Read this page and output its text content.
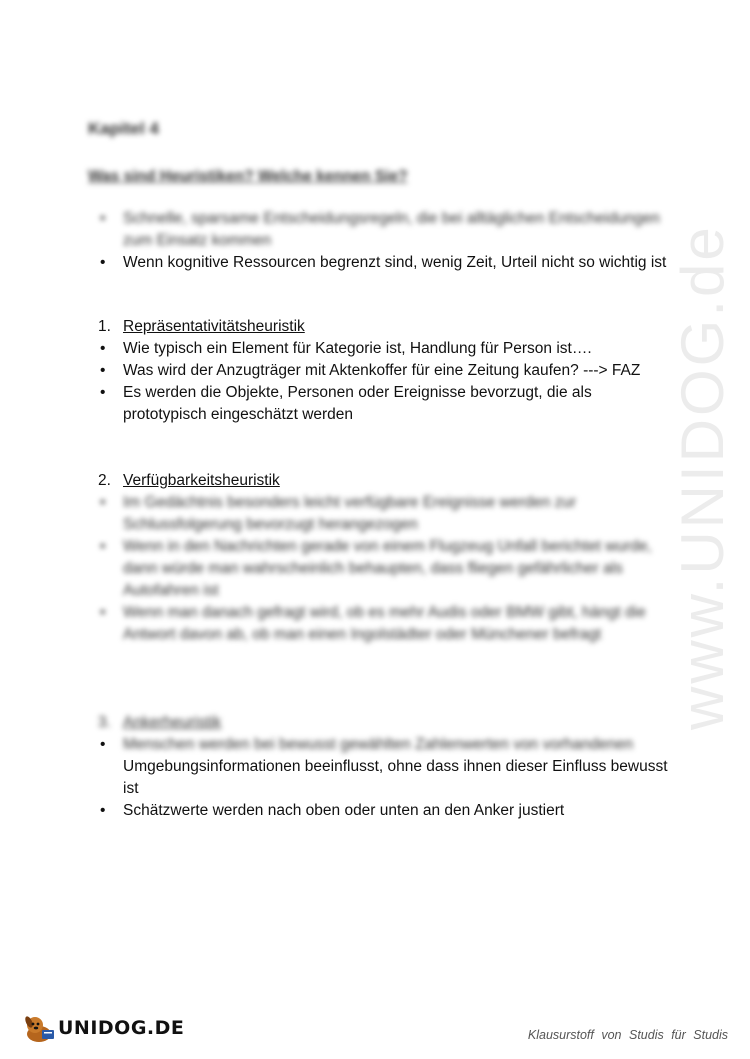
www.UNIDOG.de
Kapitel 4
Was sind Heuristiken? Welche kennen Sie?
• Schnelle, sparsame Entscheidungsregeln, die bei alltäglichen Entscheidungen zum Einsatz kommen
• Wenn kognitive Ressourcen begrenzt sind, wenig Zeit, Urteil nicht so wichtig ist
1. Repräsentativitätsheuristik
• Wie typisch ein Element für Kategorie ist, Handlung für Person ist….
• Was wird der Anzugträger mit Aktenkoffer für eine Zeitung kaufen? ---> FAZ
• Es werden die Objekte, Personen oder Ereignisse bevorzugt, die als prototypisch eingeschätzt werden
2. Verfügbarkeitsheuristik
• Im Gedächtnis besonders leicht verfügbare Ereignisse werden zur Schlussfolgerung bevorzugt herangezogen
• Wenn in den Nachrichten gerade von einem Flugzeug Unfall berichtet wurde, dann würde man wahrscheinlich behaupten, dass fliegen gefährlicher als Autofahren ist
• Wenn man danach gefragt wird, ob es mehr Audis oder BMW gibt, hängt die Antwort davon ab, ob man einen Ingolstädter oder Münchener befragt
3. Ankerheuristik
• Menschen werden bei bewusst gewählten Zahlenwerten von vorhandenen
Umgebungsinformationen beeinflusst, ohne dass ihnen dieser Einfluss bewusst ist
• Schätzwerte werden nach oben oder unten an den Anker justiert
UNIDOG.DE	Klausurstoff von Studis für Studis
